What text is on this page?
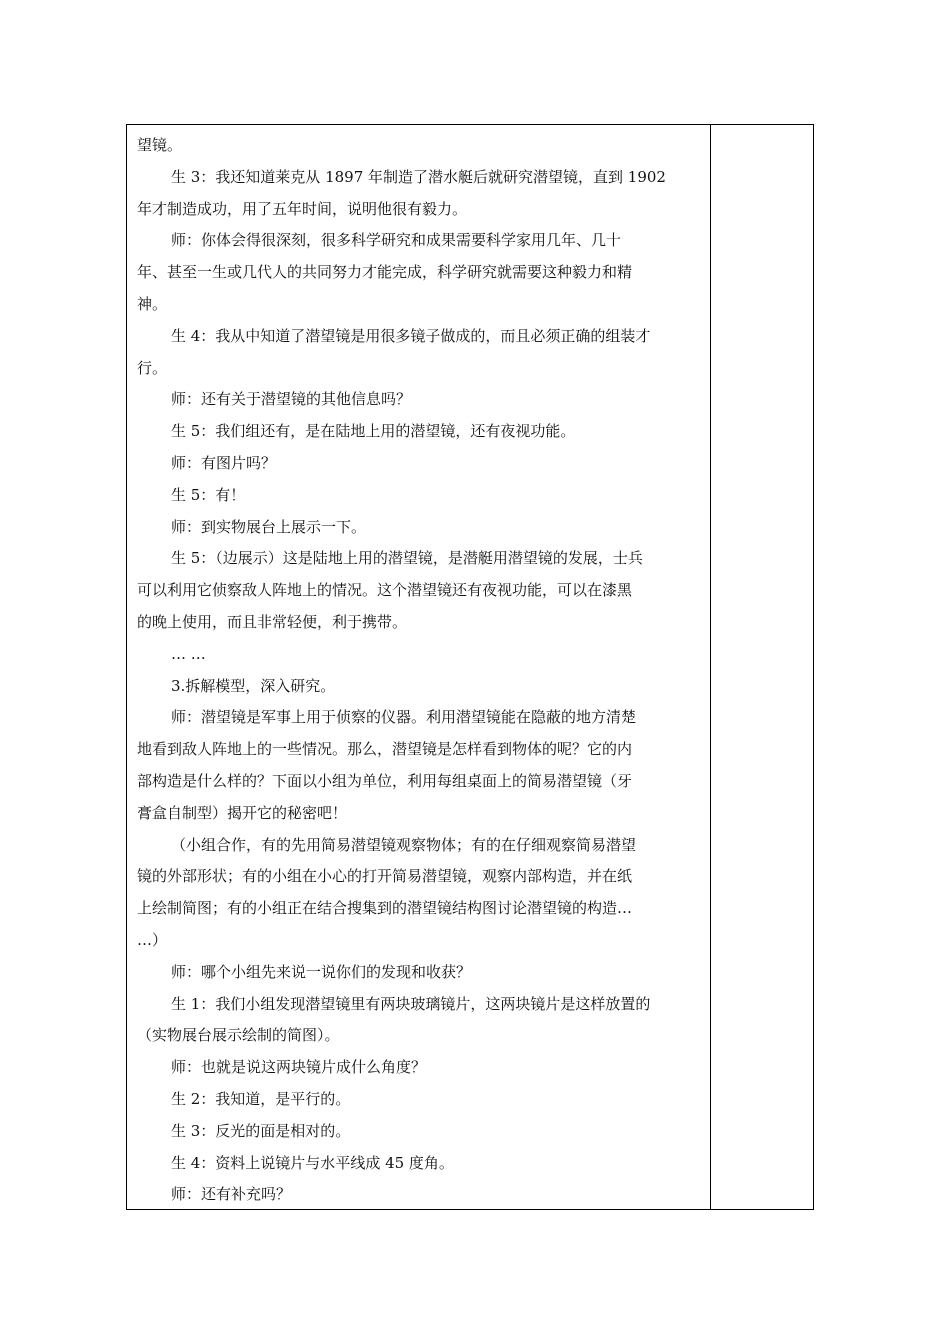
望镜。
生 3：我还知道莱克从 1897 年制造了潜水艇后就研究潜望镜，直到 1902
年才制造成功，用了五年时间，说明他很有毅力。
师：你体会得很深刻，很多科学研究和成果需要科学家用几年、几十
年、甚至一生或几代人的共同努力才能完成，科学研究就需要这种毅力和精
神。
生 4：我从中知道了潜望镜是用很多镜子做成的，而且必须正确的组装才
行。
师：还有关于潜望镜的其他信息吗？
生 5：我们组还有，是在陆地上用的潜望镜，还有夜视功能。
师：有图片吗？
生 5：有！
师：到实物展台上展示一下。
生 5：（边展示）这是陆地上用的潜望镜，是潜艇用潜望镜的发展，士兵
可以利用它侦察敌人阵地上的情况。这个潜望镜还有夜视功能，可以在漆黑
的晚上使用，而且非常轻便，利于携带。
… …
3.拆解模型，深入研究。
师：潜望镜是军事上用于侦察的仪器。利用潜望镜能在隐蔽的地方清楚
地看到敌人阵地上的一些情况。那么，潜望镜是怎样看到物体的呢？它的内
部构造是什么样的？下面以小组为单位，利用每组桌面上的简易潜望镜（牙
膏盒自制型）揭开它的秘密吧！
（小组合作，有的先用简易潜望镜观察物体；有的在仔细观察简易潜望
镜的外部形状；有的小组在小心的打开简易潜望镜，观察内部构造，并在纸
上绘制简图；有的小组正在结合搜集到的潜望镜结构图讨论潜望镜的构造…
…）
师：哪个小组先来说一说你们的发现和收获？
生 1：我们小组发现潜望镜里有两块玻璃镜片，这两块镜片是这样放置的
（实物展台展示绘制的简图）。
师：也就是说这两块镜片成什么角度？
生 2：我知道，是平行的。
生 3：反光的面是相对的。
生 4：资料上说镜片与水平线成 45 度角。
师：还有补充吗？
